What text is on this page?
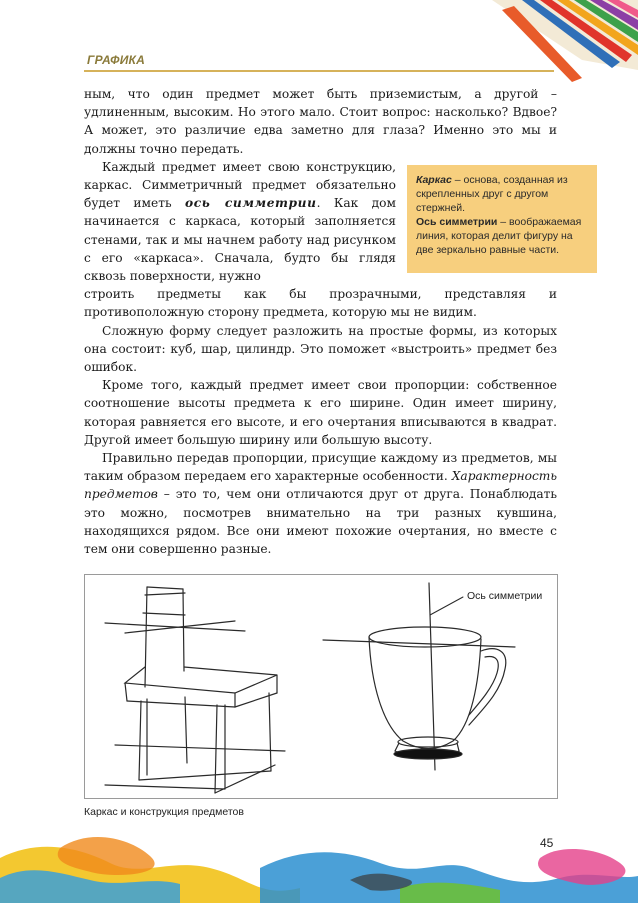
ГРАФИКА

ным, что один предмет может быть приземистым, а другой – удлиненным, высоким. Но этого мало. Стоит вопрос: насколько? Вдвое? А может, это различие едва заметно для глаза? Именно это мы и должны точно передать.

Каждый предмет имеет свою конструкцию, каркас. Симметричный предмет обязательно будет иметь ось симметрии. Как дом начинается с каркаса, который заполняется стенами, так и мы начнем работу над рисунком с его «каркаса». Сначала, будто бы глядя сквозь поверхности, нужно
строить предметы как бы прозрачными, представляя и противоположную сторону предмета, которую мы не видим.

Сложную форму следует разложить на простые формы, из которых она состоит: куб, шар, цилиндр. Это поможет «выстроить» предмет без ошибок.

Кроме того, каждый предмет имеет свои пропорции: собственное соотношение высоты предмета к его ширине. Один имеет ширину, которая равняется его высоте, и его очертания вписываются в квадрат. Другой имеет большую ширину или большую высоту.

Правильно передав пропорции, присущие каждому из предметов, мы таким образом передаем его характерные особенности. Характерность предметов – это то, чем они отличаются друг от друга. Понаблюдать это можно, посмотрев внимательно на три разных кувшина, находящихся рядом. Все они имеют похожие очертания, но вместе с тем они совершенно разные.

Каркас – основа, созданная из скрепленных друг с другом стержней.
Ось симметрии – воображаемая линия, которая делит фигуру на две зеркально равные части.
Ось симметрии
Каркас и конструкция предметов
45
